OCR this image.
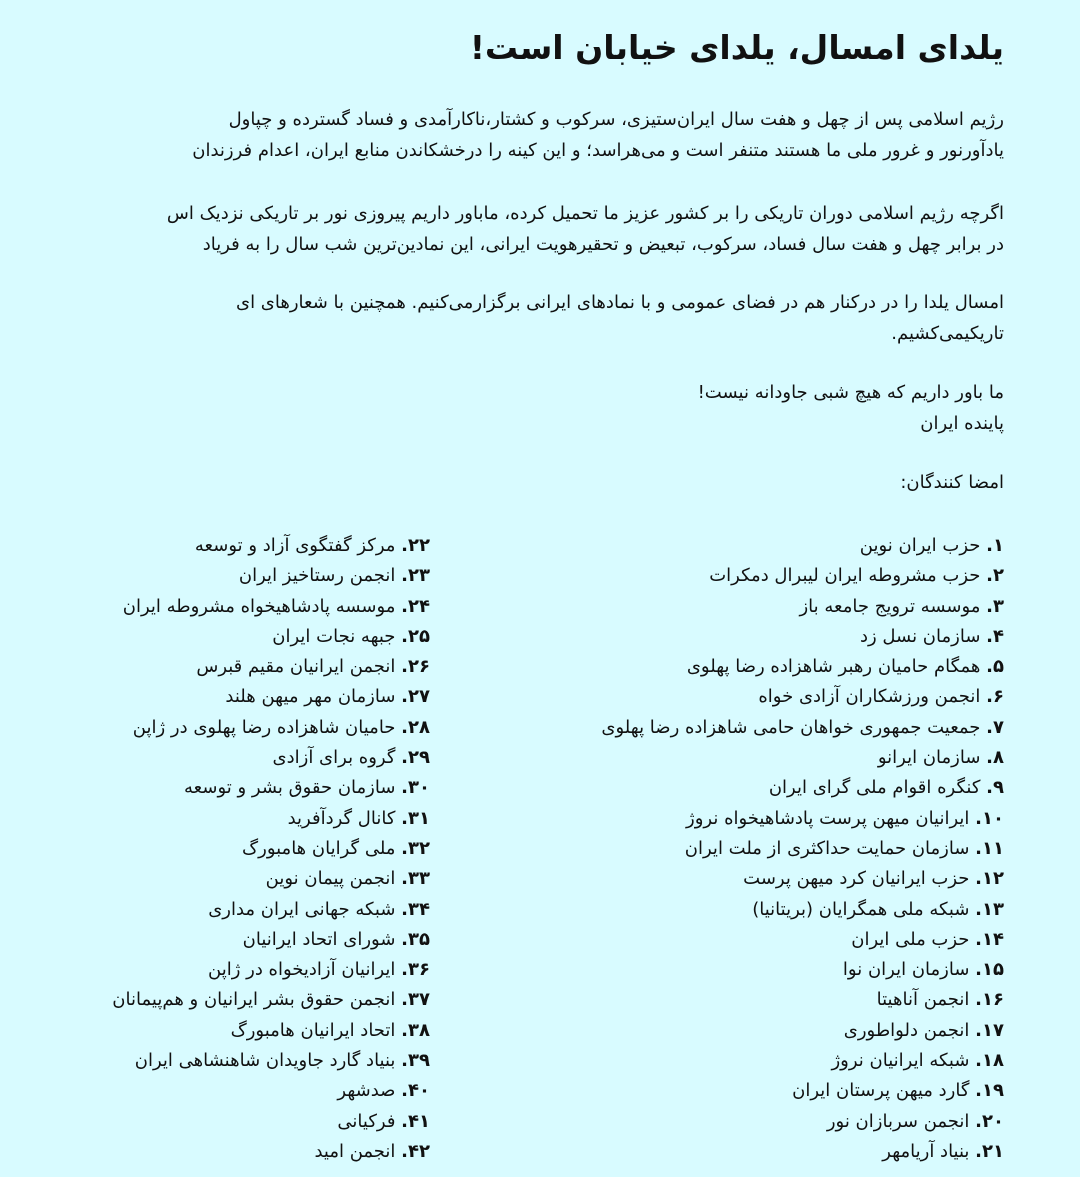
یلدای امسال، یلدای خیابان است!

رژیم اسلامی پس از چهل و هفت سال ایران‌ستیزی، سرکوب و کشتار،ناکارآمدی و فساد گسترده و چپاول
یادآورنور و غرور ملی ما هستند متنفر است و می‌هراسد؛ و این کینه را درخشکاندن منابع ایران، اعدام فرزندان

اگرچه رژیم اسلامی دوران تاریکی را بر کشور عزیز ما تحمیل کرده، ماباور داریم پیروزی نور بر تاریکی نزدیک اس
در برابر چهل و هفت سال فساد، سرکوب، تبعیض و تحقیرهویت ایرانی، این نمادین‌ترین شب سال را به فریاد

امسال یلدا را در درکنار هم در فضای عمومی و با نمادهای ایرانی برگزارمی‌کنیم. همچنین با شعارهای ای
تاریکیمی‌کشیم.

ما باور داریم که هیچ شبی جاودانه نیست!
پاینده ایران

امضا کنندگان:

۱. حزب ایران نوین
۲. حزب مشروطه ایران لیبرال دمکرات
۳. موسسه ترویج جامعه باز
۴. سازمان نسل زد
۵. همگام حامیان رهبر شاهزاده رضا پهلوی
۶. انجمن ورزشکاران آزادی خواه
۷. جمعیت جمهوری خواهان حامی شاهزاده رضا پهلوی
۸. سازمان ایرانو
۹. کنگره اقوام ملی گرای ایران
۱۰. ایرانیان میهن پرست پادشاهیخواه نروژ
۱۱. سازمان حمایت حداکثری از ملت ایران
۱۲. حزب ایرانیان کرد میهن پرست
۱۳. شبکه ملی همگرایان (بریتانیا)
۱۴. حزب ملی ایران
۱۵. سازمان ایران نوا
۱۶. انجمن آناهیتا
۱۷. انجمن دلواطوری
۱۸. شبکه ایرانیان نروژ
۱۹. گارد میهن پرستان ایران
۲۰. انجمن سربازان نور
۲۱. بنیاد آریامهر
۲۲. مرکز گفتگوی آزاد و توسعه
۲۳. انجمن رستاخیز ایران
۲۴. موسسه پادشاهیخواه مشروطه ایران
۲۵. جبهه نجات ایران
۲۶. انجمن ایرانیان مقیم قبرس
۲۷. سازمان مهر میهن هلند
۲۸. حامیان شاهزاده رضا پهلوی در ژاپن
۲۹. گروه برای آزادی
۳۰. سازمان حقوق بشر و توسعه
۳۱. کانال گردآفرید
۳۲. ملی گرایان هامبورگ
۳۳. انجمن پیمان نوین
۳۴. شبکه جهانی ایران مداری
۳۵. شورای اتحاد ایرانیان
۳۶. ایرانیان آزادیخواه در ژاپن
۳۷. انجمن حقوق بشر ایرانیان و هم‌پیمانان
۳۸. اتحاد ایرانیان هامبورگ
۳۹. بنیاد گارد جاویدان شاهنشاهی ایران
۴۰. صدشهر
۴۱. فرکیانی
۴۲. انجمن امید
